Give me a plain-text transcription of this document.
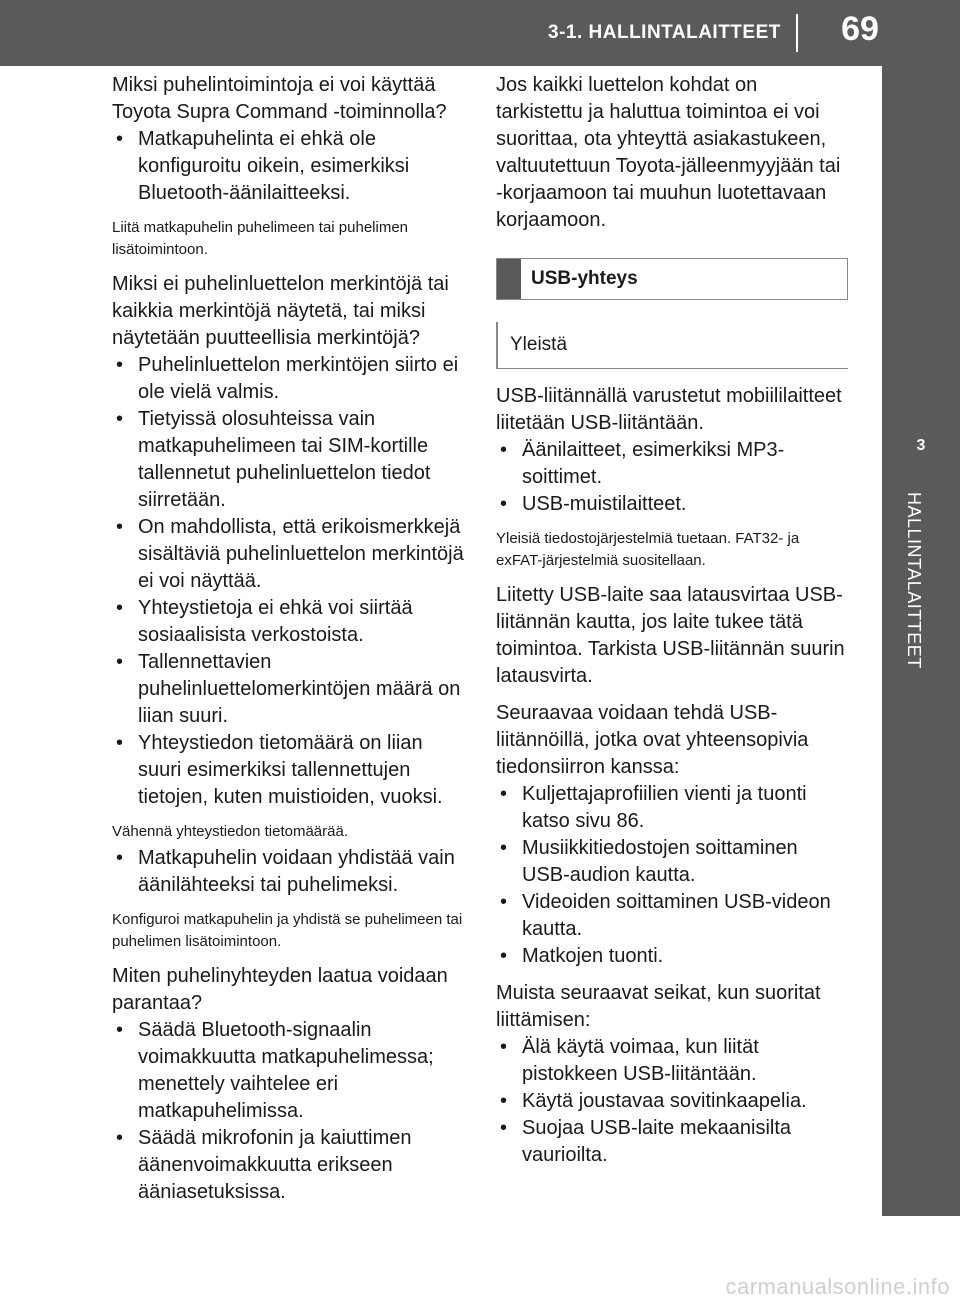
3-1. HALLINTALAITTEET	69
3
HALLINTALAITTEET

Miksi puhelintoimintoja ei voi käyttää Toyota Supra Command -toiminnolla?

• Matkapuhelinta ei ehkä ole konfiguroitu oikein, esimerkiksi Bluetooth-äänilaitteeksi.

Liitä matkapuhelin puhelimeen tai puhelimen lisätoimintoon.

Miksi ei puhelinluettelon merkintöjä tai kaikkia merkintöjä näytetä, tai miksi näytetään puutteellisia merkintöjä?

• Puhelinluettelon merkintöjen siirto ei ole vielä valmis.
• Tietyissä olosuhteissa vain matkapuhelimeen tai SIM-kortille tallennetut puhelinluettelon tiedot siirretään.
• On mahdollista, että erikoismerkkejä sisältäviä puhelinluettelon merkintöjä ei voi näyttää.
• Yhteystietoja ei ehkä voi siirtää sosiaalisista verkostoista.
• Tallennettavien puhelinluettelomerkintöjen määrä on liian suuri.
• Yhteystiedon tietomäärä on liian suuri esimerkiksi tallennettujen tietojen, kuten muistioiden, vuoksi.

Vähennä yhteystiedon tietomäärää.

• Matkapuhelin voidaan yhdistää vain äänilähteeksi tai puhelimeksi.

Konfiguroi matkapuhelin ja yhdistä se puhelimeen tai puhelimen lisätoimintoon.

Miten puhelinyhteyden laatua voidaan parantaa?

• Säädä Bluetooth-signaalin voimakkuutta matkapuhelimessa; menettely vaihtelee eri matkapuhelimissa.
• Säädä mikrofonin ja kaiuttimen äänenvoimakkuutta erikseen ääniasetuksissa.

Jos kaikki luettelon kohdat on tarkistettu ja haluttua toimintoa ei voi suorittaa, ota yhteyttä asiakastukeen, valtuutettuun Toyota-jälleenmyyjään tai -korjaamoon tai muuhun luotettavaan korjaamoon.

USB-yhteys
Yleistä

USB-liitännällä varustetut mobiililaitteet liitetään USB-liitäntään.

• Äänilaitteet, esimerkiksi MP3-soittimet.
• USB-muistilaitteet.

Yleisiä tiedostojärjestelmiä tuetaan. FAT32- ja exFAT-järjestelmiä suositellaan.

Liitetty USB-laite saa latausvirtaa USB-liitännän kautta, jos laite tukee tätä toimintoa. Tarkista USB-liitännän suurin latausvirta.

Seuraavaa voidaan tehdä USB-liitännöillä, jotka ovat yhteensopivia tiedonsiirron kanssa:

• Kuljettajaprofiilien vienti ja tuonti katso sivu 86.
• Musiikkitiedostojen soittaminen USB-audion kautta.
• Videoiden soittaminen USB-videon kautta.
• Matkojen tuonti.

Muista seuraavat seikat, kun suoritat liittämisen:

• Älä käytä voimaa, kun liität pistokkeen USB-liitäntään.
• Käytä joustavaa sovitinkaapelia.
• Suojaa USB-laite mekaanisilta vaurioilta.
carmanualsonline.info
